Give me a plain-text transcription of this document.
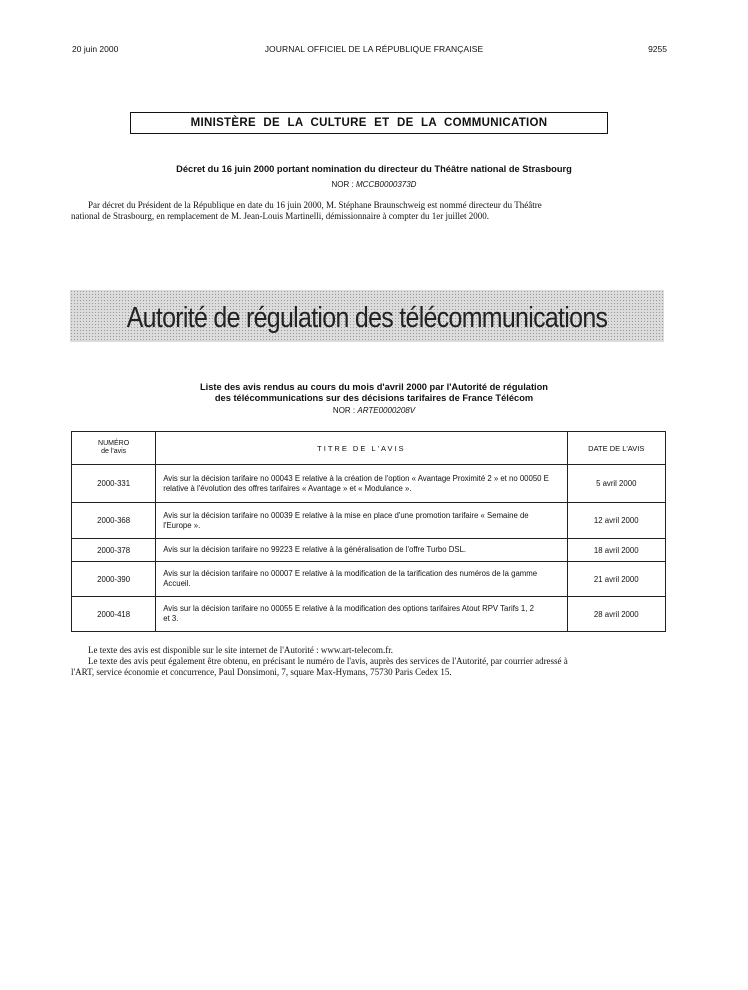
20 juin 2000	JOURNAL OFFICIEL DE LA RÉPUBLIQUE FRANÇAISE	9255
MINISTÈRE DE LA CULTURE ET DE LA COMMUNICATION
Décret du 16 juin 2000 portant nomination du directeur du Théâtre national de Strasbourg
NOR : MCCB0000373D
Par décret du Président de la République en date du 16 juin 2000, M. Stéphane Braunschweig est nommé directeur du Théâtre
national de Strasbourg, en remplacement de M. Jean-Louis Martinelli, démissionnaire à compter du 1er juillet 2000.
Autorité de régulation des télécommunications
Liste des avis rendus au cours du mois d'avril 2000 par l'Autorité de régulation
des télécommunications sur des décisions tarifaires de France Télécom
NOR : ARTE0000208V
NUMÉRO
de l'avis	TITRE DE L'AVIS	DATE DE L'AVIS
2000-331	Avis sur la décision tarifaire no 00043 E relative à la création de l'option « Avantage Proximité 2 » et no 00050 E
relative à l'évolution des offres tarifaires « Avantage » et « Modulance ».	5 avril 2000
2000-368	Avis sur la décision tarifaire no 00039 E relative à la mise en place d'une promotion tarifaire « Semaine de
l'Europe ».	12 avril 2000
2000-378	Avis sur la décision tarifaire no 99223 E relative à la généralisation de l'offre Turbo DSL.	18 avril 2000
2000-390	Avis sur la décision tarifaire no 00007 E relative à la modification de la tarification des numéros de la gamme
Accueil.	21 avril 2000
2000-418	Avis sur la décision tarifaire no 00055 E relative à la modification des options tarifaires Atout RPV Tarifs 1, 2
et 3.	28 avril 2000
Le texte des avis est disponible sur le site internet de l'Autorité : www.art-telecom.fr.
Le texte des avis peut également être obtenu, en précisant le numéro de l'avis, auprès des services de l'Autorité, par courrier adressé à
l'ART, service économie et concurrence, Paul Donsimoni, 7, square Max-Hymans, 75730 Paris Cedex 15.
